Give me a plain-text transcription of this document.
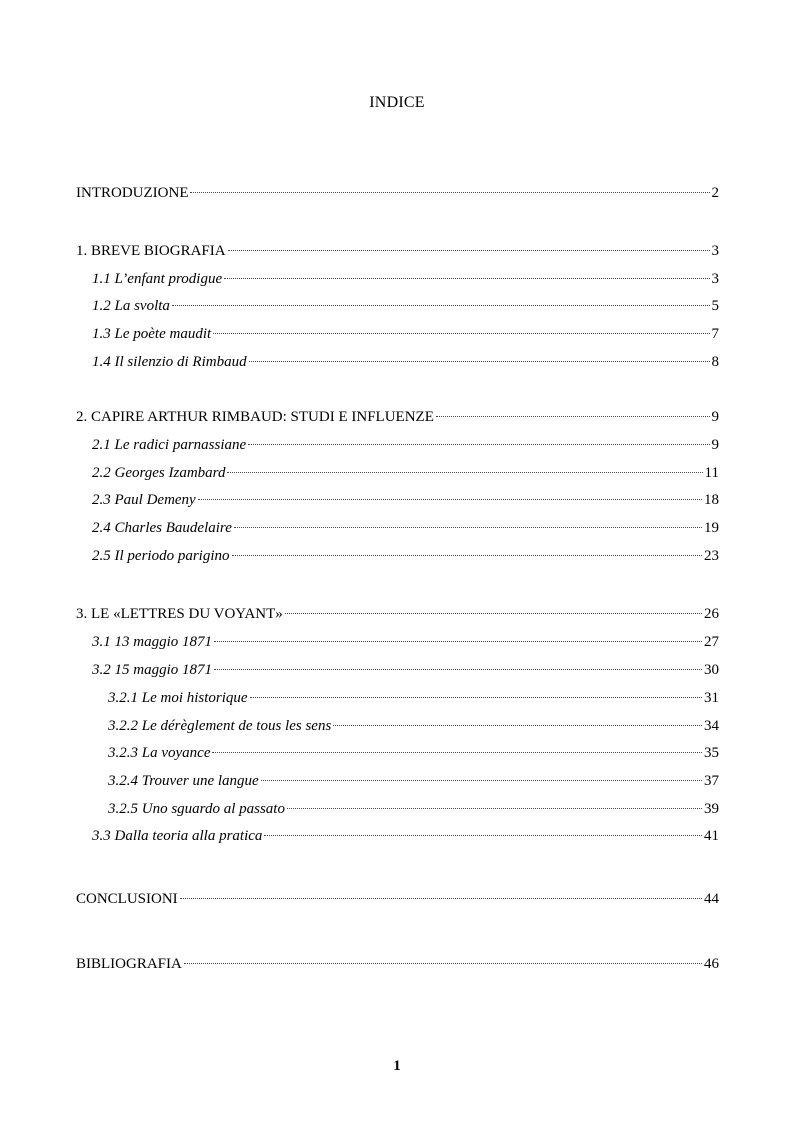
INDICE
INTRODUZIONE	2
1. BREVE BIOGRAFIA	3
1.1 L’enfant prodigue	3
1.2 La svolta	5
1.3 Le poète maudit	7
1.4 Il silenzio di Rimbaud	8
2. CAPIRE ARTHUR RIMBAUD: STUDI E INFLUENZE	9
2.1 Le radici parnassiane	9
2.2 Georges Izambard	11
2.3 Paul Demeny	18
2.4 Charles Baudelaire	19
2.5 Il periodo parigino	23
3. LE «LETTRES DU VOYANT»	26
3.1 13 maggio 1871	27
3.2 15 maggio 1871	30
3.2.1 Le moi historique	31
3.2.2 Le dérèglement de tous les sens	34
3.2.3 La voyance	35
3.2.4 Trouver une langue	37
3.2.5 Uno sguardo al passato	39
3.3 Dalla teoria alla pratica	41
CONCLUSIONI	44
BIBLIOGRAFIA	46
1
